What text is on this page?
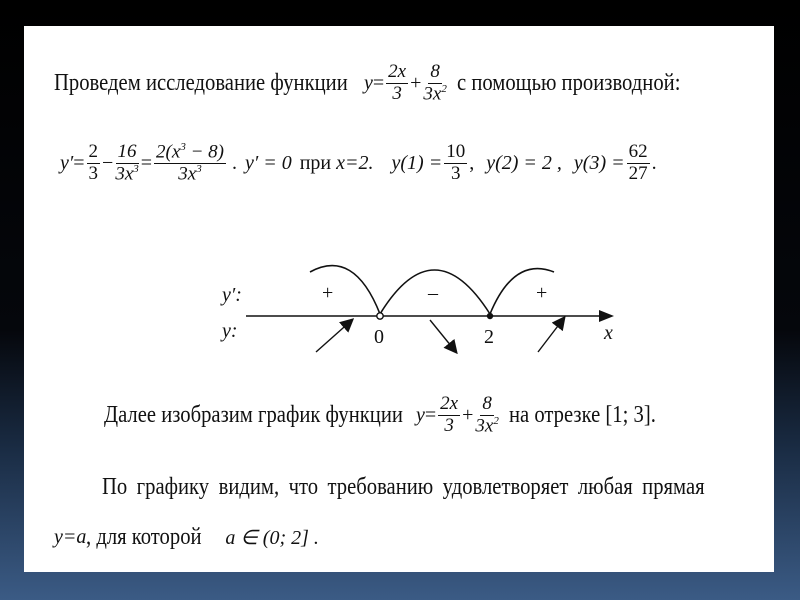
Проведем исследование функции $y = \frac{2x}{3} + \frac{8}{3x^2}$ с помощью производной:
$y' = \frac{2}{3} - \frac{16}{3x^3} = \frac{2(x^3 - 8)}{3x^3}$ . y′ = 0 при x=2. $y(1) = \frac{10}{3}$ , y(2) = 2 , $y(3) = \frac{62}{27}$ .
y′:
y:
+	–	+
0	2	x
Далее изобразим график функции $y = \frac{2x}{3} + \frac{8}{3x^2}$ на отрезке [1; 3].
По графику видим, что требованию удовлетворяет любая прямая
y=a , для которой a ∈ (0; 2] .
